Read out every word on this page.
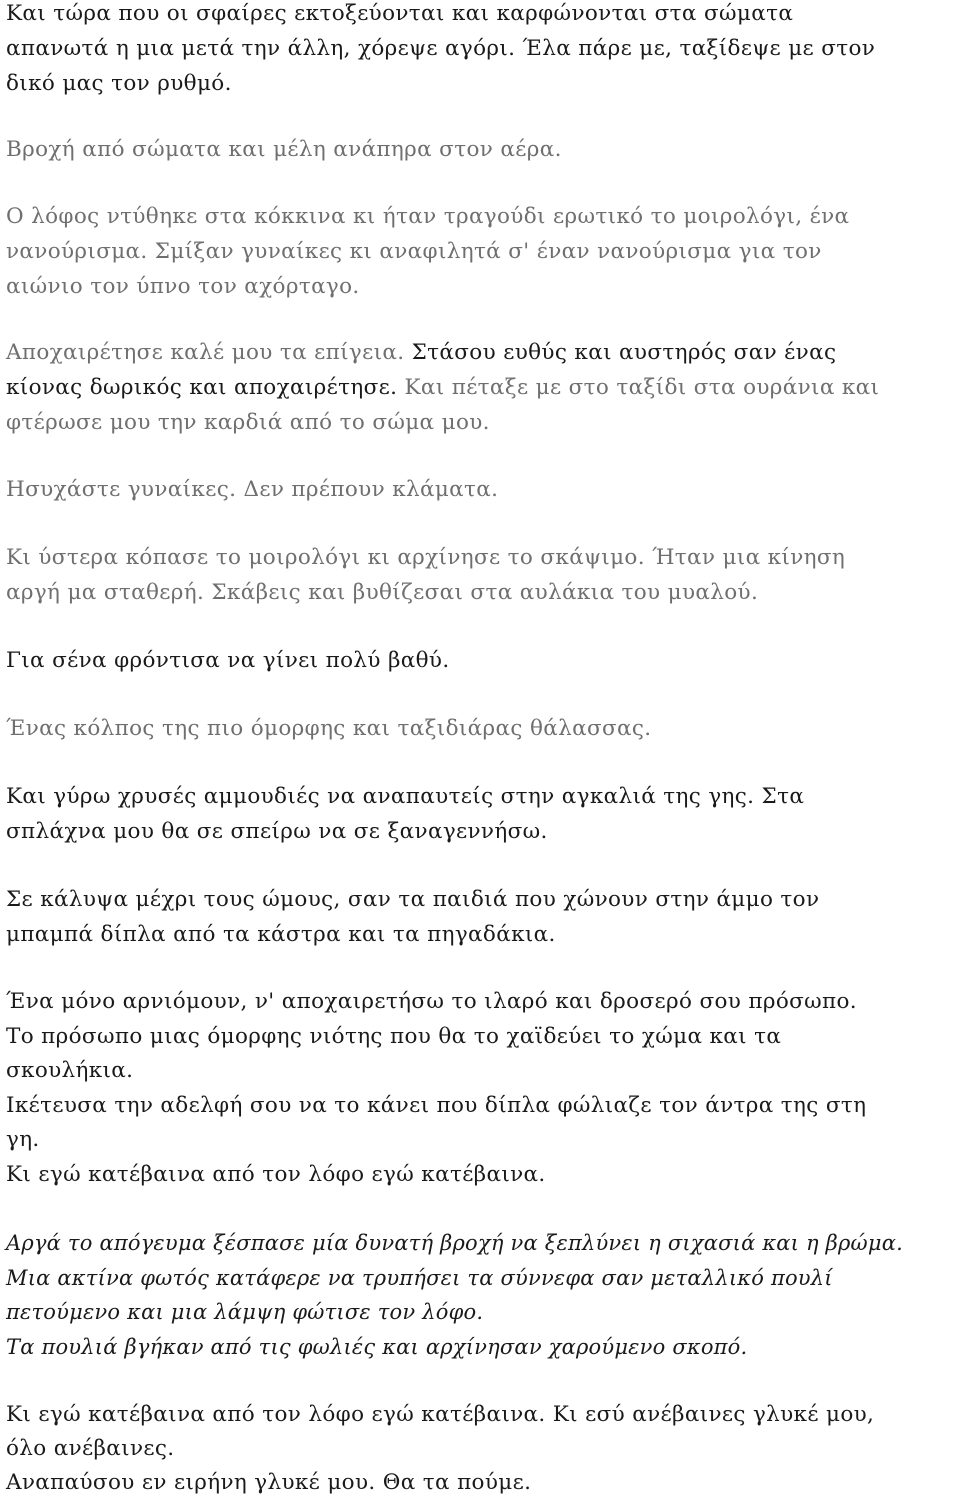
Και τώρα που οι σφαίρες εκτοξεύονται και καρφώνονται στα σώματα
απανωτά η μια μετά την άλλη, χόρεψε αγόρι. Έλα πάρε με, ταξίδεψε με στον
δικό μας τον ρυθμό.
Βροχή από σώματα και μέλη ανάπηρα στον αέρα.
Ο λόφος ντύθηκε στα κόκκινα κι ήταν τραγούδι ερωτικό το μοιρολόγι, ένα
νανούρισμα. Σμίξαν γυναίκες κι αναφιλητά σ' έναν νανούρισμα για τον
αιώνιο τον ύπνο τον αχόρταγο.
Αποχαιρέτησε καλέ μου τα επίγεια. Στάσου ευθύς και αυστηρός σαν ένας
κίονας δωρικός και αποχαιρέτησε. Και πέταξε με στο ταξίδι στα ουράνια και
φτέρωσε μου την καρδιά από το σώμα μου.
Ησυχάστε γυναίκες. Δεν πρέπουν κλάματα.
Κι ύστερα κόπασε το μοιρολόγι κι αρχίνησε το σκάψιμο. Ήταν μια κίνηση
αργή μα σταθερή. Σκάβεις και βυθίζεσαι στα αυλάκια του μυαλού.
Για σένα φρόντισα να γίνει πολύ βαθύ.
Ένας κόλπος της πιο όμορφης και ταξιδιάρας θάλασσας.
Και γύρω χρυσές αμμουδιές να αναπαυτείς στην αγκαλιά της γης. Στα
σπλάχνα μου θα σε σπείρω να σε ξαναγεννήσω.
Σε κάλυψα μέχρι τους ώμους, σαν τα παιδιά που χώνουν στην άμμο τον
μπαμπά δίπλα από τα κάστρα και τα πηγαδάκια.
Ένα μόνο αρνιόμουν, ν' αποχαιρετήσω το ιλαρό και δροσερό σου πρόσωπο.
Το πρόσωπο μιας όμορφης νιότης που θα το χαϊδεύει το χώμα και τα
σκουλήκια.
Ικέτευσα την αδελφή σου να το κάνει που δίπλα φώλιαζε τον άντρα της στη
γη.
Κι εγώ κατέβαινα από τον λόφο εγώ κατέβαινα.
Αργά το απόγευμα ξέσπασε μία δυνατή βροχή να ξεπλύνει η σιχασιά και η βρώμα.
Μια ακτίνα φωτός κατάφερε να τρυπήσει τα σύννεφα σαν μεταλλικό πουλί
πετούμενο και μια λάμψη φώτισε τον λόφο.
Τα πουλιά βγήκαν από τις φωλιές και αρχίνησαν χαρούμενο σκοπό.
Κι εγώ κατέβαινα από τον λόφο εγώ κατέβαινα. Κι εσύ ανέβαινες γλυκέ μου,
όλο ανέβαινες.
Αναπαύσου εν ειρήνη γλυκέ μου. Θα τα πούμε.
